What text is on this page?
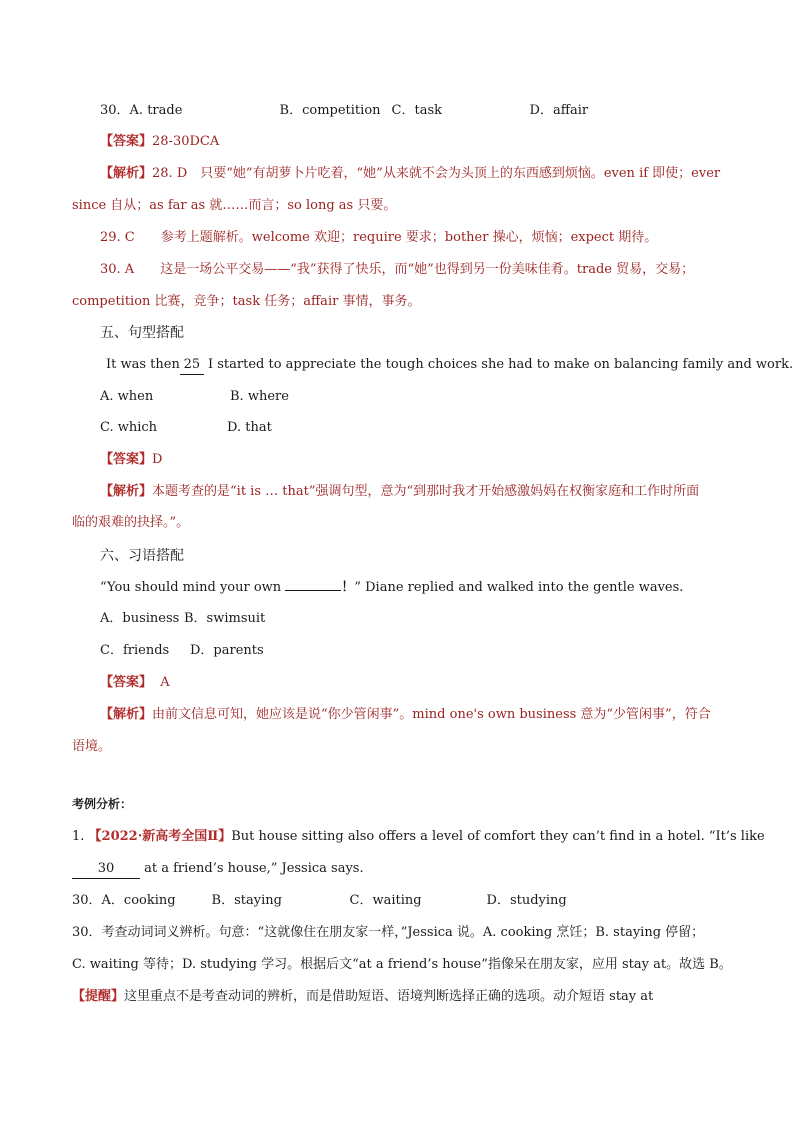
30．A. trade	B．competition C．task	D．affair
【答案】28-30DCA
【解析】28. D　只要“她”有胡萝卜片吃着，“她”从来就不会为头顶上的东西感到烦恼。even if 即使；ever
since 自从；as far as 就……而言；so long as 只要。
29. C　　参考上题解析。welcome 欢迎；require 要求；bother 操心，烦恼；expect 期待。
30. A　　这是一场公平交易——“我”获得了快乐，而“她”也得到另一份美味佳肴。trade 贸易，交易；
competition 比赛，竞争；task 任务；affair 事情，事务。
五、句型搭配
It was then 25 I started to appreciate the tough choices she had to make on balancing family and work.
A. when	B. where
C. which	D. that
【答案】D
【解析】本题考查的是“it is … that”强调句型，意为“到那时我才开始感激妈妈在权衡家庭和工作时所面
临的艰难的抉择。”。
六、习语搭配
“You should mind your own	！” Diane replied and walked into the gentle waves.
A．business B．swimsuit
C．friends D．parents
【答案】 A
【解析】由前文信息可知，她应该是说“你少管闲事”。mind one's own business 意为“少管闲事”，符合
语境。
考例分析：
1. 【2022·新高考全国Ⅱ】But house sitting also offers a level of comfort they can’t find in a hotel. “It’s like
30 at a friend’s house,” Jessica says.
30．A．cooking	B．staying	C．waiting	D．studying
30．考查动词词义辨析。句意：“这就像住在朋友家一样，”Jessica 说。A. cooking 烹饪；B. staying 停留；
C. waiting 等待；D. studying 学习。根据后文“at a friend’s house”指像呆在朋友家，应用 stay at。故选 B。
【提醒】这里重点不是考查动词的辨析，而是借助短语、语境判断选择正确的选项。动介短语 stay at
